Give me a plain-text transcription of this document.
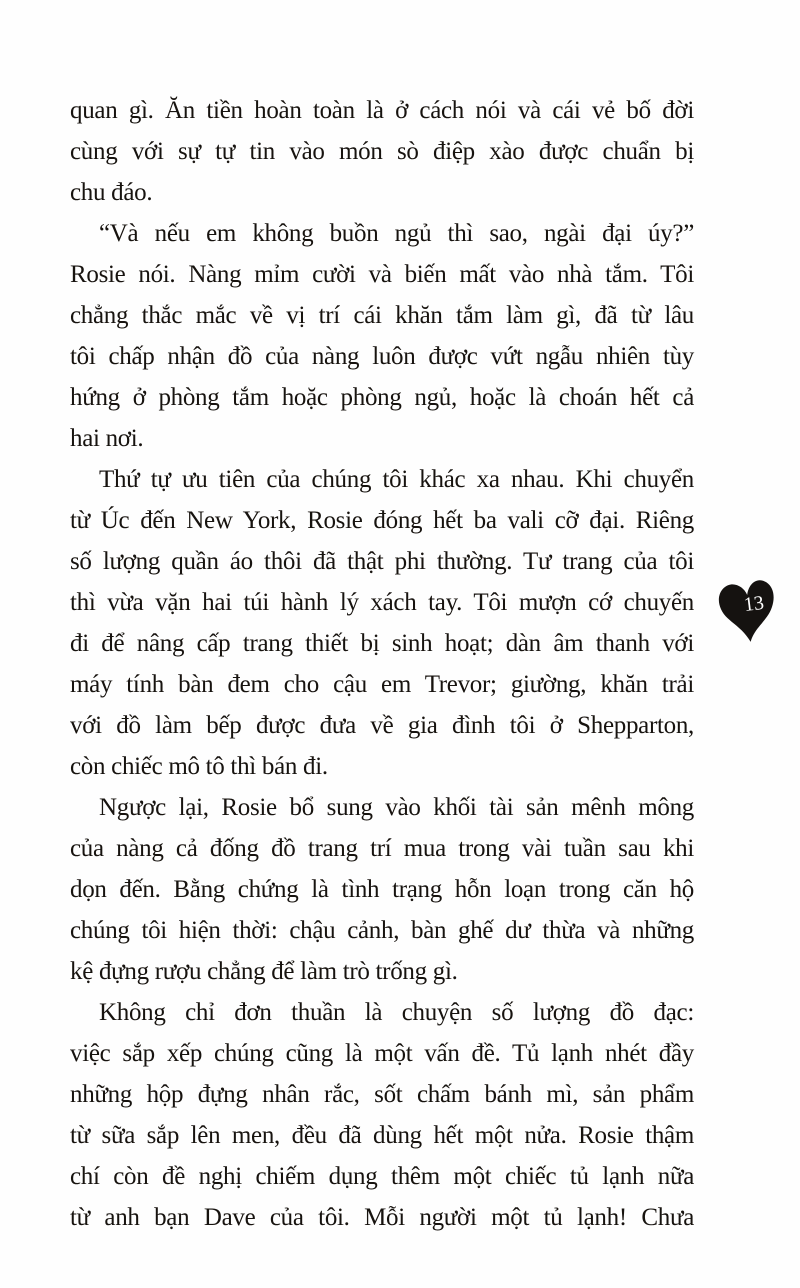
quan gì. Ăn tiền hoàn toàn là ở cách nói và cái vẻ bố đời
cùng với sự tự tin vào món sò điệp xào được chuẩn bị
chu đáo.
“Và nếu em không buồn ngủ thì sao, ngài đại úy?”
Rosie nói. Nàng mỉm cười và biến mất vào nhà tắm. Tôi
chẳng thắc mắc về vị trí cái khăn tắm làm gì, đã từ lâu
tôi chấp nhận đồ của nàng luôn được vứt ngẫu nhiên tùy
hứng ở phòng tắm hoặc phòng ngủ, hoặc là choán hết cả
hai nơi.
Thứ tự ưu tiên của chúng tôi khác xa nhau. Khi chuyển
từ Úc đến New York, Rosie đóng hết ba vali cỡ đại. Riêng
số lượng quần áo thôi đã thật phi thường. Tư trang của tôi
thì vừa vặn hai túi hành lý xách tay. Tôi mượn cớ chuyến
đi để nâng cấp trang thiết bị sinh hoạt; dàn âm thanh với
máy tính bàn đem cho cậu em Trevor; giường, khăn trải
với đồ làm bếp được đưa về gia đình tôi ở Shepparton,
còn chiếc mô tô thì bán đi.
Ngược lại, Rosie bổ sung vào khối tài sản mênh mông
của nàng cả đống đồ trang trí mua trong vài tuần sau khi
dọn đến. Bằng chứng là tình trạng hỗn loạn trong căn hộ
chúng tôi hiện thời: chậu cảnh, bàn ghế dư thừa và những
kệ đựng rượu chẳng để làm trò trống gì.
Không chỉ đơn thuần là chuyện số lượng đồ đạc:
việc sắp xếp chúng cũng là một vấn đề. Tủ lạnh nhét đầy
những hộp đựng nhân rắc, sốt chấm bánh mì, sản phẩm
từ sữa sắp lên men, đều đã dùng hết một nửa. Rosie thậm
chí còn đề nghị chiếm dụng thêm một chiếc tủ lạnh nữa
từ anh bạn Dave của tôi. Mỗi người một tủ lạnh! Chưa
13
